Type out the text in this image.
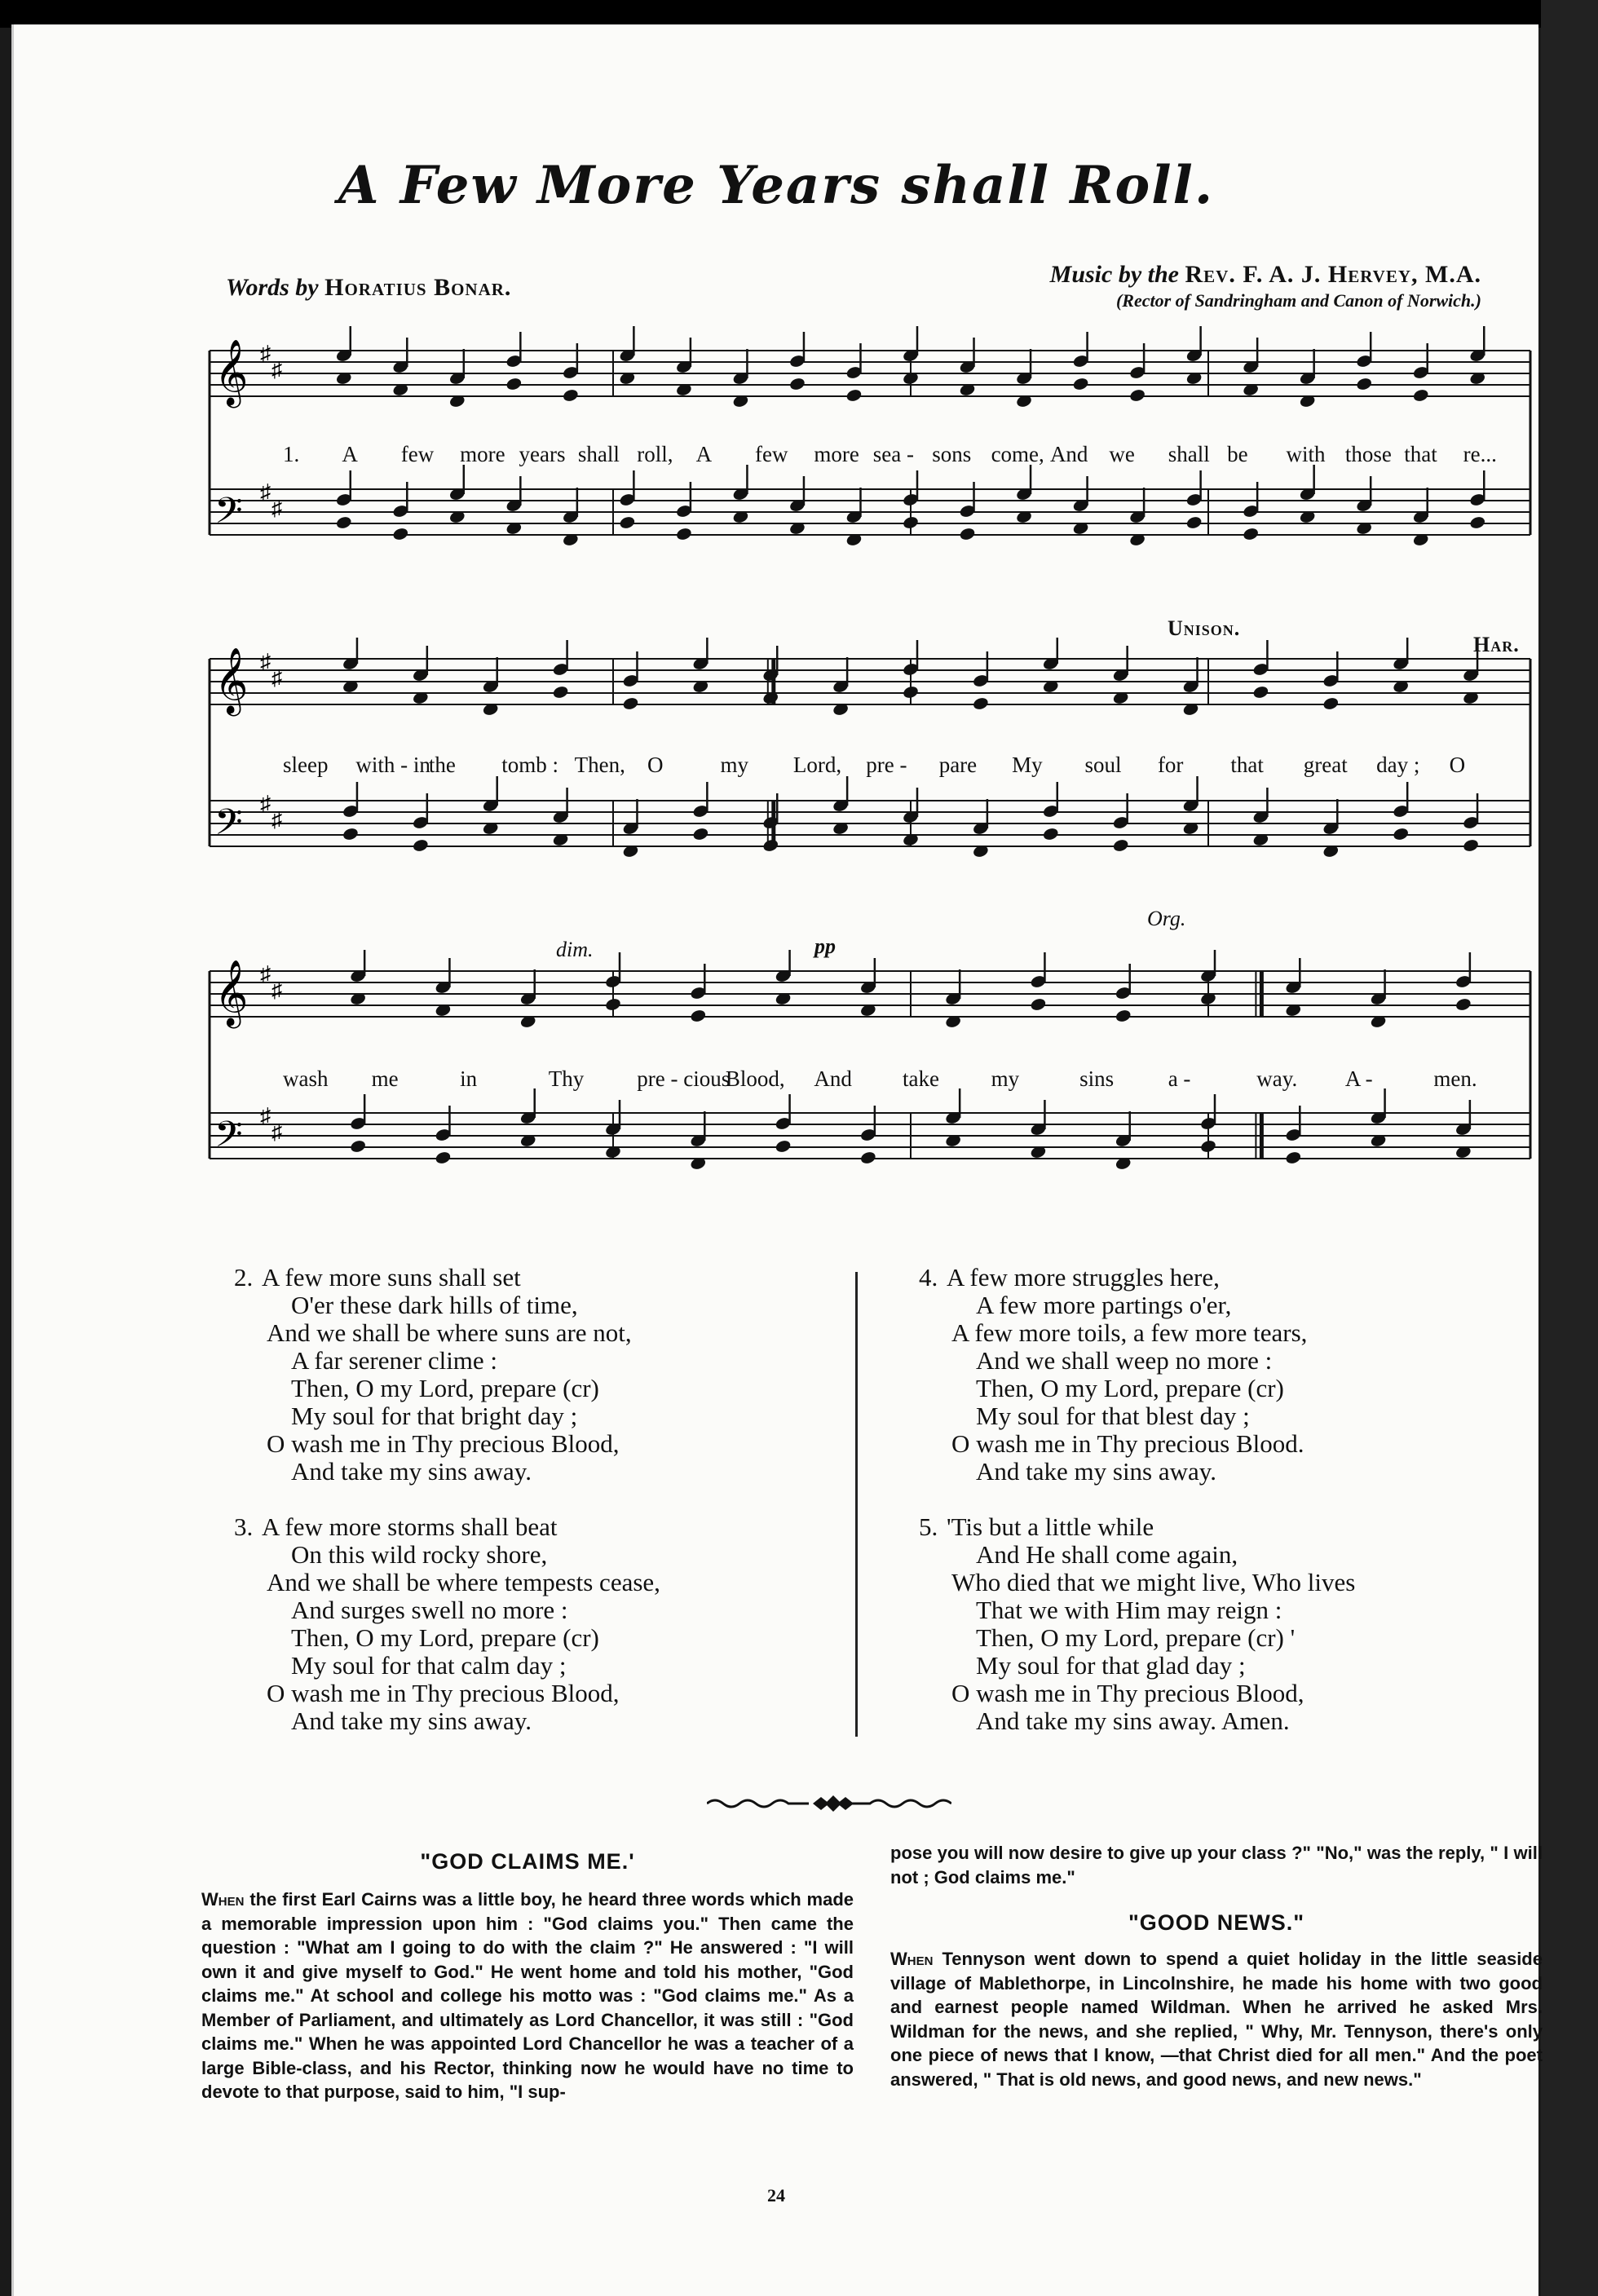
A Few More Years shall Roll.
Words by Horatius Bonar.	Music by the Rev. F. A. J. Hervey, M.A.
(Rector of Sandringham and Canon of Norwich.)
𝄞 ♯
♯
𝄢 ♯
♯
1. A few more years shall roll, A few more sea - sons come, And we shall be with those that re...
Unison.
Har.
𝄞 ♯
♯
𝄢 ♯
♯
sleep with - in
the tomb : Then, O	my Lord, pre - pare My soul for that great day ; O
Org.
dim.	pp
𝄞 ♯
♯
𝄢 ♯
♯
wash me	in	Thy pre - cious
Blood, And take my	sins a -	way. A -	men.
2. A few more suns shall set
O'er these dark hills of time,
And we shall be where suns are not,
A far serener clime :
Then, O my Lord, prepare (cr)
My soul for that bright day ;
O wash me in Thy precious Blood,
And take my sins away.
3. A few more storms shall beat
On this wild rocky shore,
And we shall be where tempests cease,
And surges swell no more :
Then, O my Lord, prepare (cr)
My soul for that calm day ;
O wash me in Thy precious Blood,
And take my sins away.
4. A few more struggles here,
A few more partings o'er,
A few more toils, a few more tears,
And we shall weep no more :
Then, O my Lord, prepare (cr)
My soul for that blest day ;
O wash me in Thy precious Blood.
And take my sins away.
5. 'Tis but a little while
And He shall come again,
Who died that we might live, Who lives
That we with Him may reign :
Then, O my Lord, prepare (cr) '
My soul for that glad day ;
O wash me in Thy precious Blood,
And take my sins away. Amen.
"GOD CLAIMS ME.'
When the first Earl Cairns was a little boy, he heard three words which made a memorable impression upon him : "God claims you." Then came the question : "What am I going to do with the claim ?" He answered : "I will own it and give myself to God." He went home and told his mother, "God claims me." At school and college his motto was : "God claims me." As a Member of Parliament, and ultimately as Lord Chancellor, it was still : "God claims me." When he was appointed Lord Chancellor he was a teacher of a large Bible-class, and his Rector, thinking now he would have no time to devote to that purpose, said to him, "I sup-
pose you will now desire to give up your class ?" "No," was the reply, " I will not ; God claims me."
"GOOD NEWS."
When Tennyson went down to spend a quiet holiday in the little seaside village of Mablethorpe, in Lincolnshire, he made his home with two good and earnest people named Wildman. When he arrived he asked Mrs. Wildman for the news, and she replied, " Why, Mr. Tennyson, there's only one piece of news that I know, —that Christ died for all men." And the poet answered, " That is old news, and good news, and new news."
24
